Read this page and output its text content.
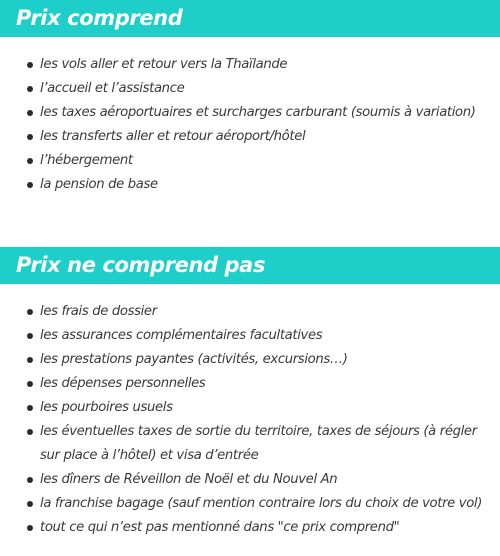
Prix comprend
les vols aller et retour vers la Thaïlande
l’accueil et l’assistance
les taxes aéroportuaires et surcharges carburant (soumis à variation)
les transferts aller et retour aéroport/hôtel
l’hébergement
la pension de base
Prix ne comprend pas
les frais de dossier
les assurances complémentaires facultatives
les prestations payantes (activités, excursions…)
les dépenses personnelles
les pourboires usuels
les éventuelles taxes de sortie du territoire, taxes de séjours (à régler sur place à l’hôtel) et visa d’entrée
les dîners de Réveillon de Noël et du Nouvel An
la franchise bagage (sauf mention contraire lors du choix de votre vol)
tout ce qui n’est pas mentionné dans "ce prix comprend"
